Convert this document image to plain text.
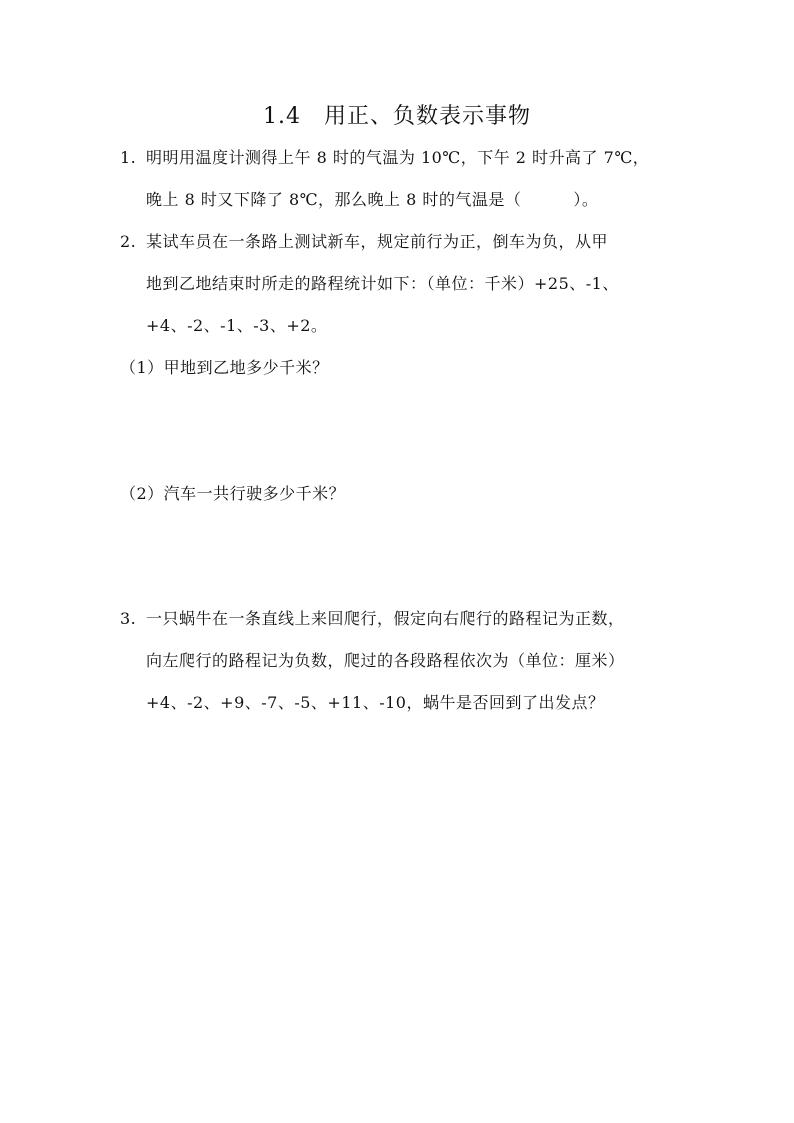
1.4　用正、负数表示事物
1. 明明用温度计测得上午 8 时的气温为 10℃，下午 2 时升高了 7℃，
晚上 8 时又下降了 8℃，那么晚上 8 时的气温是（	）。
2. 某试车员在一条路上测试新车，规定前行为正，倒车为负，从甲
地到乙地结束时所走的路程统计如下：（单位：千米）+25、-1、
+4、-2、-1、-3、+2。
（1）甲地到乙地多少千米？
（2）汽车一共行驶多少千米？
3. 一只蜗牛在一条直线上来回爬行，假定向右爬行的路程记为正数，
向左爬行的路程记为负数，爬过的各段路程依次为（单位：厘米）
+4、-2、+9、-7、-5、+11、-10，蜗牛是否回到了出发点？
